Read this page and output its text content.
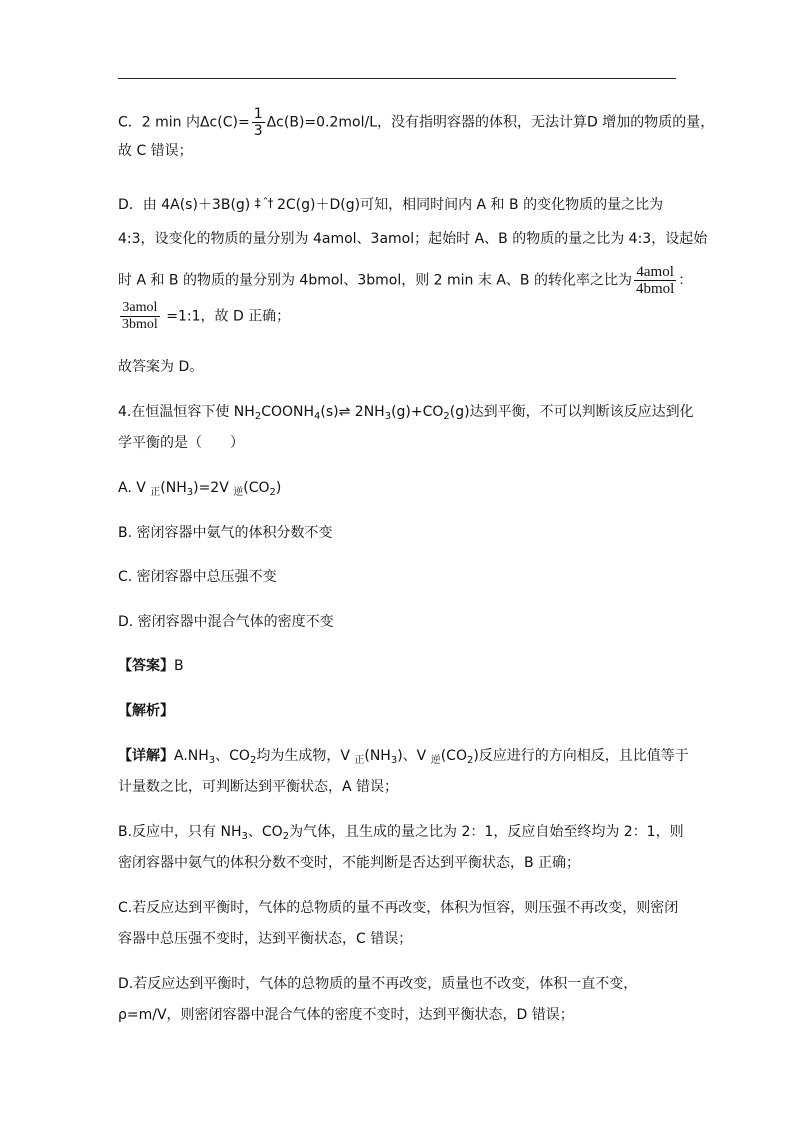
C．2 min 内$\Delta c(C)= \frac{1}{3} \Delta c(B)=0.2mol/L$，没有指明容器的体积，无法计算D 增加的物质的量，
故 C 错误；
D．由 4A(s)＋3B(g) ‡ ˆ† 2C(g)＋D(g)可知，相同时间内 A 和 B 的变化物质的量之比为
4:3，设变化的物质的量分别为 4amol、3amol；起始时 A、B 的物质的量之比为 4:3，设起始
时 A 和 B 的物质的量分别为 4bmol、3bmol，则 2 min 末 A、B 的转化率之比为 $\frac{\text{4amol}}{\text{4bmol}}$ ：
$\frac{\text{3amol}}{\text{3bmol}}$ =1:1，故 D 正确；
故答案为 D。
4.在恒温恒容下使 $NH_2COONH_4(s)\rightleftharpoons$ $2NH_3(g)+CO_2(g)$达到平衡，不可以判断该反应达到化
学平衡的是（　　）
A. V $_正(NH_3)=2V$ $_逆(CO_2)$
B. 密闭容器中氨气的体积分数不变
C. 密闭容器中总压强不变
D. 密闭容器中混合气体的密度不变
【答案】B
【解析】
【详解】$A.NH_3$、$CO_2$均为生成物，V $_正(NH_3)$、V $_逆(CO_2)$反应进行的方向相反，且比值等于
计量数之比，可判断达到平衡状态，A 错误；
B.反应中，只有 $NH_3$、$CO_2$为气体，且生成的量之比为 2：1，反应自始至终均为 2：1，则
密闭容器中氨气的体积分数不变时，不能判断是否达到平衡状态，B 正确；
C.若反应达到平衡时，气体的总物质的量不再改变，体积为恒容，则压强不再改变，则密闭
容器中总压强不变时，达到平衡状态，C 错误；
D.若反应达到平衡时，气体的总物质的量不再改变，质量也不改变，体积一直不变，
ρ=m/V，则密闭容器中混合气体的密度不变时，达到平衡状态，D 错误；
